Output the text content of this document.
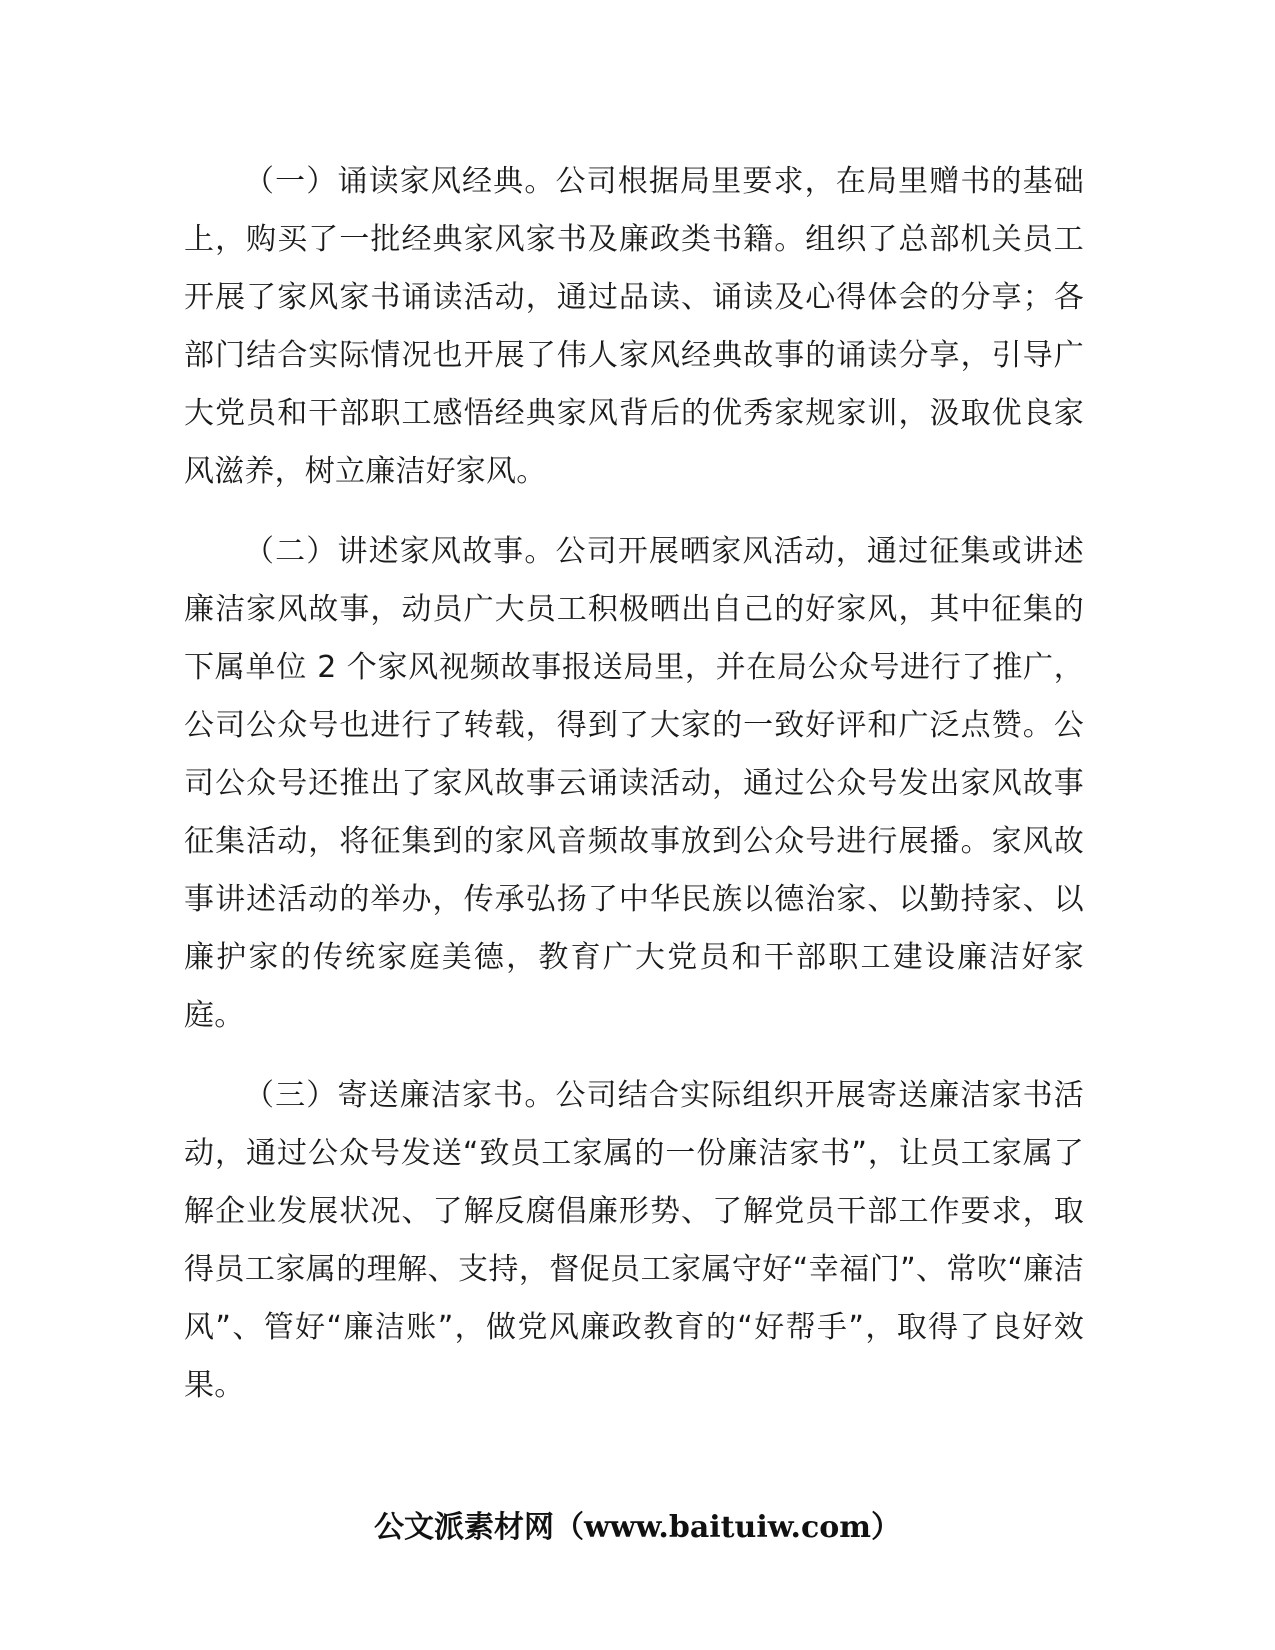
（一）诵读家风经典。公司根据局里要求，在局里赠书的基础上，购买了一批经典家风家书及廉政类书籍。组织了总部机关员工开展了家风家书诵读活动，通过品读、诵读及心得体会的分享；各部门结合实际情况也开展了伟人家风经典故事的诵读分享，引导广大党员和干部职工感悟经典家风背后的优秀家规家训，汲取优良家风滋养，树立廉洁好家风。

（二）讲述家风故事。公司开展晒家风活动，通过征集或讲述廉洁家风故事，动员广大员工积极晒出自己的好家风，其中征集的下属单位 2 个家风视频故事报送局里，并在局公众号进行了推广，公司公众号也进行了转载，得到了大家的一致好评和广泛点赞。公司公众号还推出了家风故事云诵读活动，通过公众号发出家风故事征集活动，将征集到的家风音频故事放到公众号进行展播。家风故事讲述活动的举办，传承弘扬了中华民族以德治家、以勤持家、以廉护家的传统家庭美德，教育广大党员和干部职工建设廉洁好家庭。

（三）寄送廉洁家书。公司结合实际组织开展寄送廉洁家书活动，通过公众号发送“致员工家属的一份廉洁家书”，让员工家属了解企业发展状况、了解反腐倡廉形势、了解党员干部工作要求，取得员工家属的理解、支持，督促员工家属守好“幸福门”、常吹“廉洁风”、管好“廉洁账”，做党风廉政教育的“好帮手”，取得了良好效果。

公文派素材网（www.baituiw.com）
